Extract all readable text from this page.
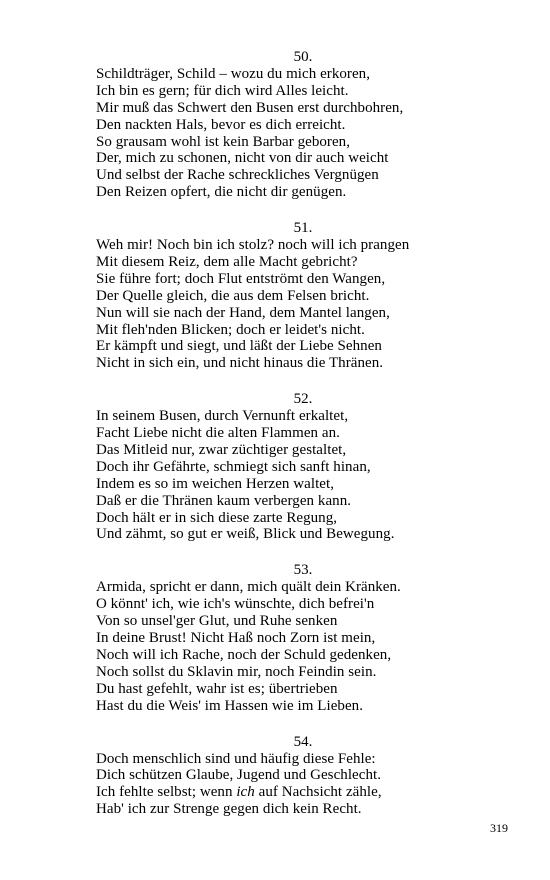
50.
Schildträger, Schild – wozu du mich erkoren,
Ich bin es gern; für dich wird Alles leicht.
Mir muß das Schwert den Busen erst durchbohren,
Den nackten Hals, bevor es dich erreicht.
So grausam wohl ist kein Barbar geboren,
Der, mich zu schonen, nicht von dir auch weicht
Und selbst der Rache schreckliches Vergnügen
Den Reizen opfert, die nicht dir genügen.
51.
Weh mir! Noch bin ich stolz? noch will ich prangen
Mit diesem Reiz, dem alle Macht gebricht?
Sie führe fort; doch Flut entströmt den Wangen,
Der Quelle gleich, die aus dem Felsen bricht.
Nun will sie nach der Hand, dem Mantel langen,
Mit fleh'nden Blicken; doch er leidet's nicht.
Er kämpft und siegt, und läßt der Liebe Sehnen
Nicht in sich ein, und nicht hinaus die Thränen.
52.
In seinem Busen, durch Vernunft erkaltet,
Facht Liebe nicht die alten Flammen an.
Das Mitleid nur, zwar züchtiger gestaltet,
Doch ihr Gefährte, schmiegt sich sanft hinan,
Indem es so im weichen Herzen waltet,
Daß er die Thränen kaum verbergen kann.
Doch hält er in sich diese zarte Regung,
Und zähmt, so gut er weiß, Blick und Bewegung.
53.
Armida, spricht er dann, mich quält dein Kränken.
O könnt' ich, wie ich's wünschte, dich befrei'n
Von so unsel'ger Glut, und Ruhe senken
In deine Brust! Nicht Haß noch Zorn ist mein,
Noch will ich Rache, noch der Schuld gedenken,
Noch sollst du Sklavin mir, noch Feindin sein.
Du hast gefehlt, wahr ist es; übertrieben
Hast du die Weis' im Hassen wie im Lieben.
54.
Doch menschlich sind und häufig diese Fehle:
Dich schützen Glaube, Jugend und Geschlecht.
Ich fehlte selbst; wenn ich auf Nachsicht zähle,
Hab' ich zur Strenge gegen dich kein Recht.
319
